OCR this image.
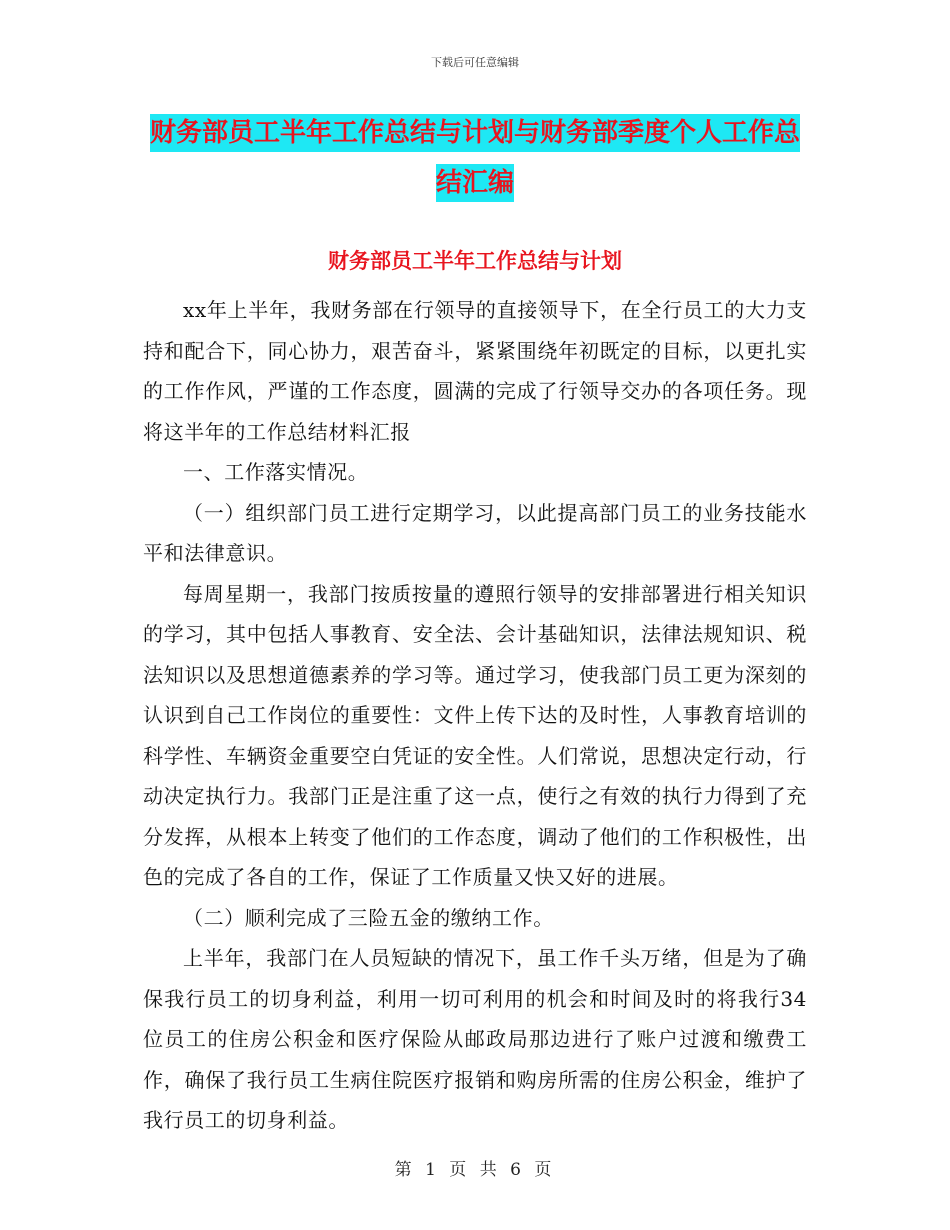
下载后可任意编辑
财务部员工半年工作总结与计划与财务部季度个人工作总结汇编
财务部员工半年工作总结与计划

xx年上半年，我财务部在行领导的直接领导下，在全行员工的大力支持和配合下，同心协力，艰苦奋斗，紧紧围绕年初既定的目标，以更扎实的工作作风，严谨的工作态度，圆满的完成了行领导交办的各项任务。现将这半年的工作总结材料汇报

一、工作落实情况。

（一）组织部门员工进行定期学习，以此提高部门员工的业务技能水平和法律意识。

每周星期一，我部门按质按量的遵照行领导的安排部署进行相关知识的学习，其中包括人事教育、安全法、会计基础知识，法律法规知识、税法知识以及思想道德素养的学习等。通过学习，使我部门员工更为深刻的认识到自己工作岗位的重要性：文件上传下达的及时性，人事教育培训的科学性、车辆资金重要空白凭证的安全性。人们常说，思想决定行动，行动决定执行力。我部门正是注重了这一点，使行之有效的执行力得到了充分发挥，从根本上转变了他们的工作态度，调动了他们的工作积极性，出色的完成了各自的工作，保证了工作质量又快又好的进展。

（二）顺利完成了三险五金的缴纳工作。

上半年，我部门在人员短缺的情况下，虽工作千头万绪，但是为了确保我行员工的切身利益，利用一切可利用的机会和时间及时的将我行34位员工的住房公积金和医疗保险从邮政局那边进行了账户过渡和缴费工作，确保了我行员工生病住院医疗报销和购房所需的住房公积金，维护了我行员工的切身利益。

第 1 页 共 6 页
